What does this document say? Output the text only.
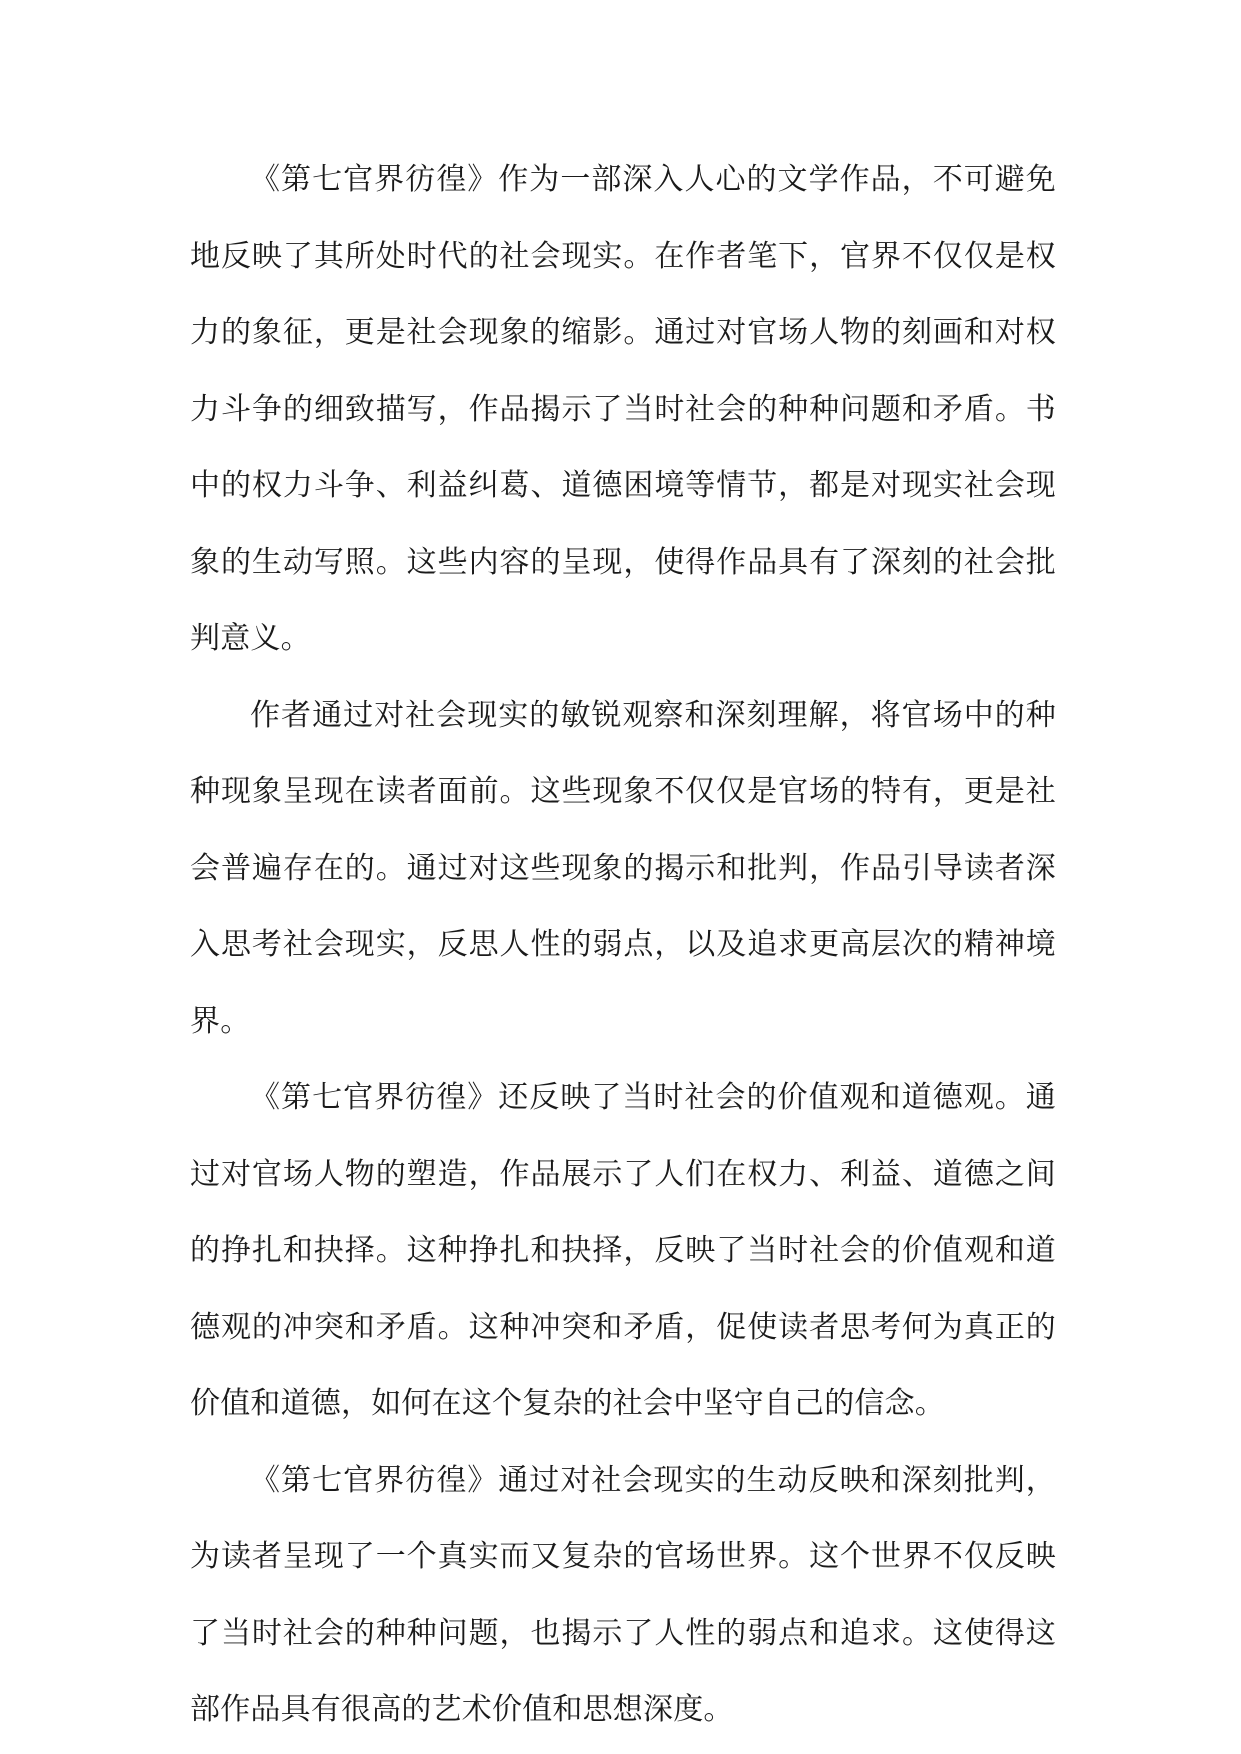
《第七官界彷徨》作为一部深入人心的文学作品，不可避免地反映了其所处时代的社会现实。在作者笔下，官界不仅仅是权力的象征，更是社会现象的缩影。通过对官场人物的刻画和对权力斗争的细致描写，作品揭示了当时社会的种种问题和矛盾。书中的权力斗争、利益纠葛、道德困境等情节，都是对现实社会现象的生动写照。这些内容的呈现，使得作品具有了深刻的社会批判意义。

作者通过对社会现实的敏锐观察和深刻理解，将官场中的种种现象呈现在读者面前。这些现象不仅仅是官场的特有，更是社会普遍存在的。通过对这些现象的揭示和批判，作品引导读者深入思考社会现实，反思人性的弱点，以及追求更高层次的精神境界。

《第七官界彷徨》还反映了当时社会的价值观和道德观。通过对官场人物的塑造，作品展示了人们在权力、利益、道德之间的挣扎和抉择。这种挣扎和抉择，反映了当时社会的价值观和道德观的冲突和矛盾。这种冲突和矛盾，促使读者思考何为真正的价值和道德，如何在这个复杂的社会中坚守自己的信念。

《第七官界彷徨》通过对社会现实的生动反映和深刻批判，为读者呈现了一个真实而又复杂的官场世界。这个世界不仅反映了当时社会的种种问题，也揭示了人性的弱点和追求。这使得这部作品具有很高的艺术价值和思想深度。
